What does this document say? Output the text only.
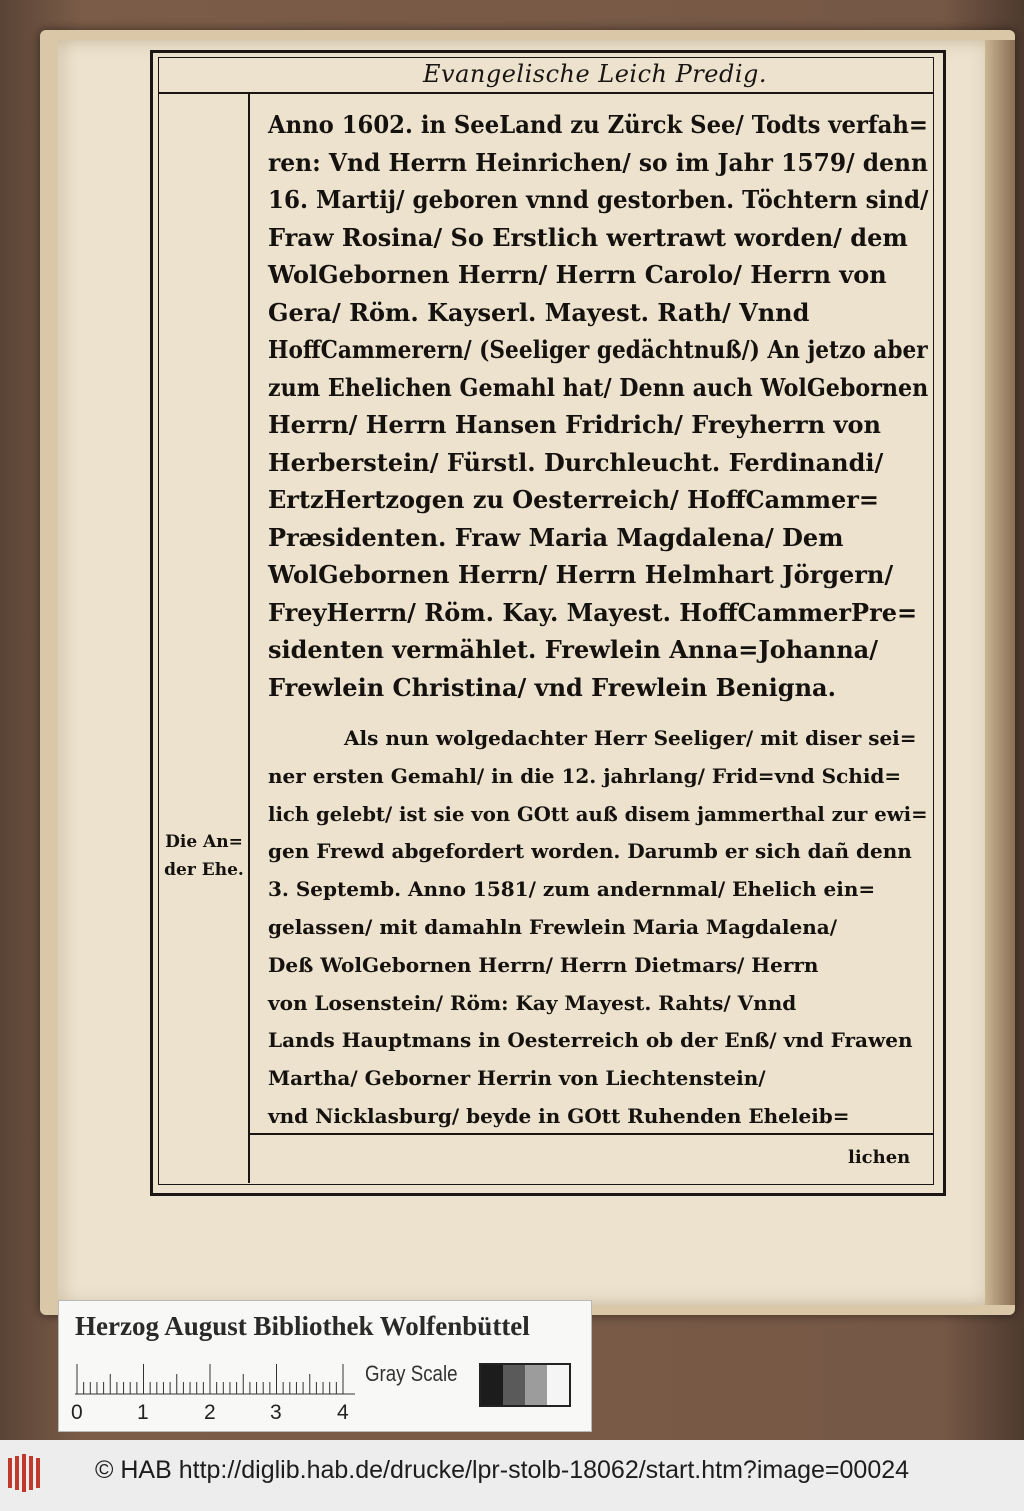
Evangelische Leich Predig.
Anno 1602. in SeeLand zu Zürck See/ Todts verfah=
ren: Vnd Herrn Heinrichen/ so im Jahr 1579/ denn
16. Martij/ geboren vnnd gestorben. Töchtern sind/
Fraw Rosina/ So Erstlich wertrawt worden/ dem
WolGebornen Herrn/ Herrn Carolo/ Herrn von
Gera/ Röm. Kayserl. Mayest. Rath/ Vnnd
HoffCammerern/ (Seeliger gedächtnuß/) An jetzo aber
zum Ehelichen Gemahl hat/ Denn auch WolGebornen
Herrn/ Herrn Hansen Fridrich/ Freyherrn von
Herberstein/ Fürstl. Durchleucht. Ferdinandi/
ErtzHertzogen zu Oesterreich/ HoffCammer=
Præsidenten. Fraw Maria Magdalena/ Dem
WolGebornen Herrn/ Herrn Helmhart Jörgern/
FreyHerrn/ Röm. Kay. Mayest. HoffCammerPre=
sidenten vermählet. Frewlein Anna=Johanna/
Frewlein Christina/ vnd Frewlein Benigna.
Als nun wolgedachter Herr Seeliger/ mit diser sei=
ner ersten Gemahl/ in die 12. jahrlang/ Frid=vnd Schid=
lich gelebt/ ist sie von GOtt auß disem jammerthal zur ewi=
gen Frewd abgefordert worden. Darumb er sich dañ denn
3. Septemb. Anno 1581/ zum andernmal/ Ehelich ein=
gelassen/ mit damahln Frewlein Maria Magdalena/
Deß WolGebornen Herrn/ Herrn Dietmars/ Herrn
von Losenstein/ Röm: Kay Mayest. Rahts/ Vnnd
Lands Hauptmans in Oesterreich ob der Enß/ vnd Frawen
Martha/ Geborner Herrin von Liechtenstein/
vnd Nicklasburg/ beyde in GOtt Ruhenden Eheleib=
Die An=
der Ehe.
lichen
Herzog August Bibliothek Wolfenbüttel
0	1	2	3	4
Gray Scale
© HAB http://diglib.hab.de/drucke/lpr-stolb-18062/start.htm?image=00024
